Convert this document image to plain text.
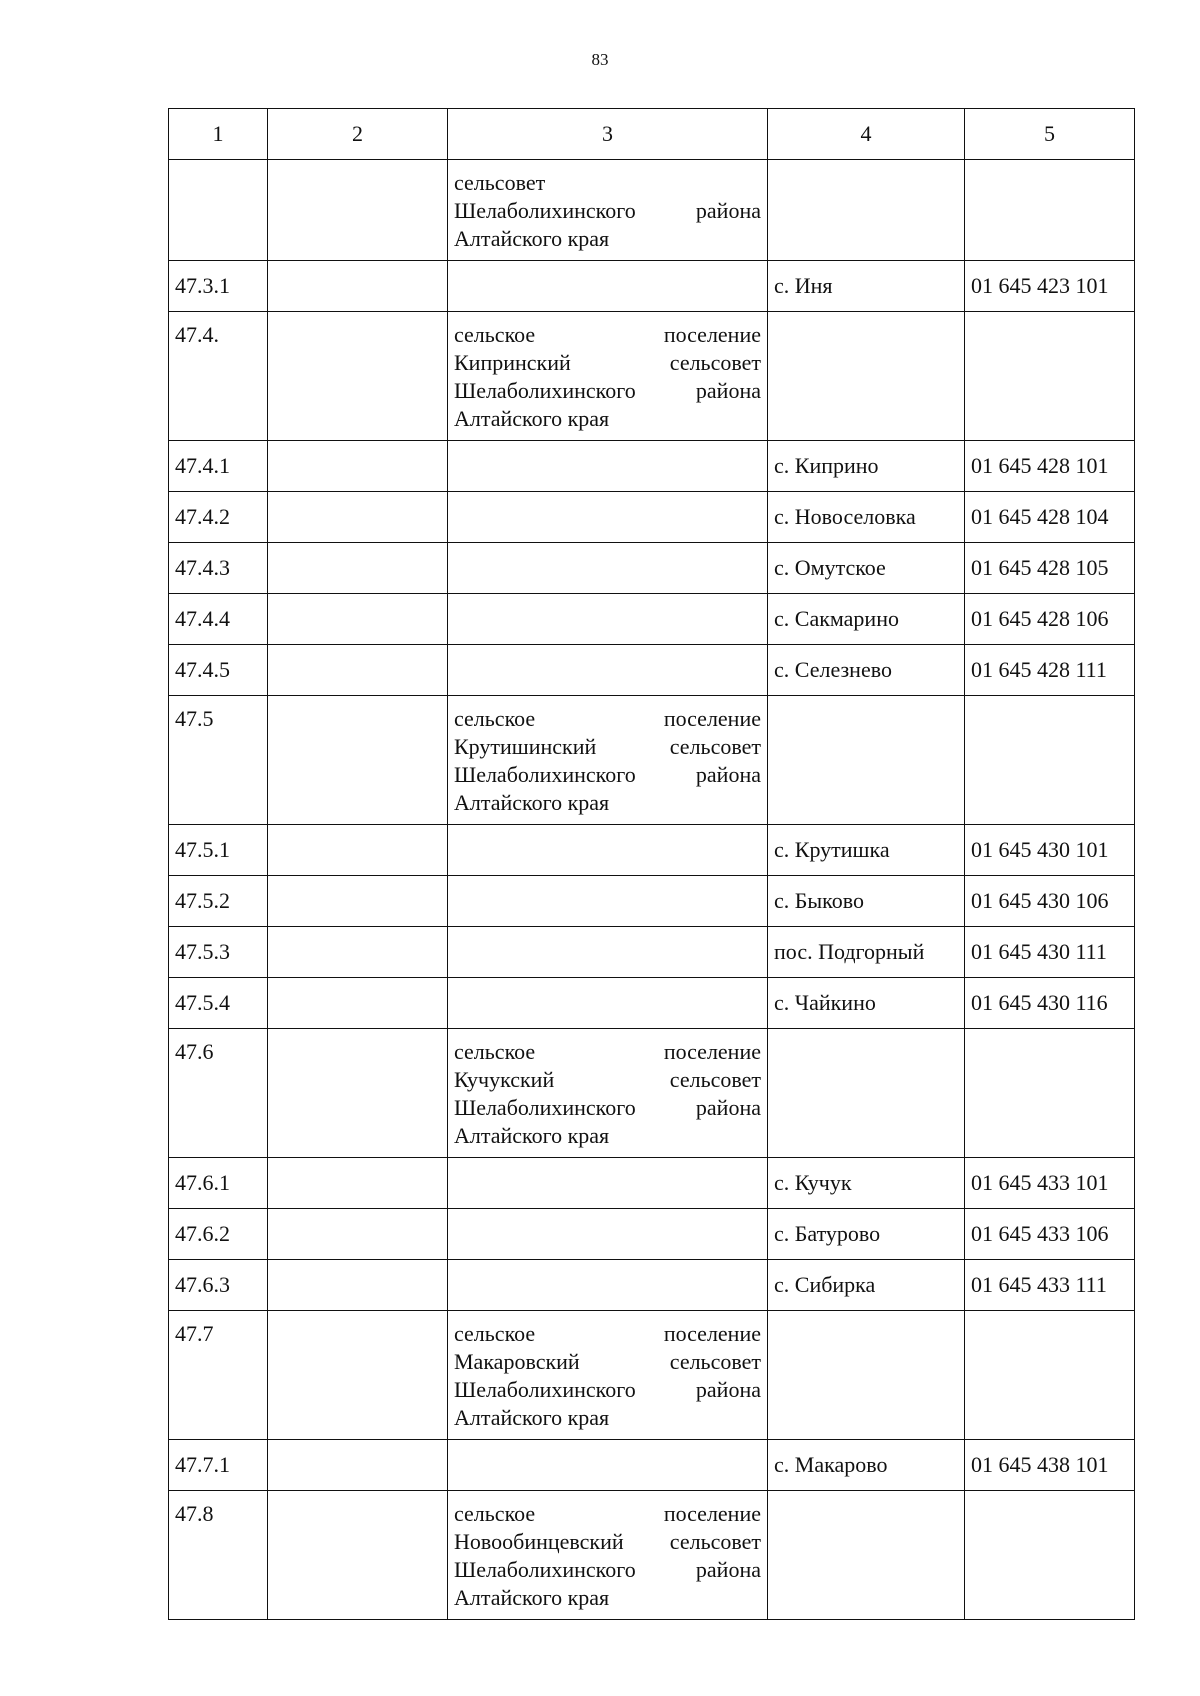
83
1	2	3	4	5

		сельсовет
Шелаболихинского района
Алтайского края		

47.3.1			с. Иня	01 645 423 101
47.4.		сельское поселение
Кипринский сельсовет
Шелаболихинского района
Алтайского края		

47.4.1			с. Киприно	01 645 428 101
47.4.2			с. Новоселовка	01 645 428 104
47.4.3			с. Омутское	01 645 428 105
47.4.4			с. Сакмарино	01 645 428 106
47.4.5			с. Селезнево	01 645 428 111
47.5		сельское поселение
Крутишинский сельсовет
Шелаболихинского района
Алтайского края		

47.5.1			с. Крутишка	01 645 430 101
47.5.2			с. Быково	01 645 430 106
47.5.3			пос. Подгорный	01 645 430 111
47.5.4			с. Чайкино	01 645 430 116
47.6		сельское поселение
Кучукский сельсовет
Шелаболихинского района
Алтайского края		

47.6.1			с. Кучук	01 645 433 101
47.6.2			с. Батурово	01 645 433 106
47.6.3			с. Сибирка	01 645 433 111
47.7		сельское поселение
Макаровский сельсовет
Шелаболихинского района
Алтайского края		

47.7.1			с. Макарово	01 645 438 101
47.8		сельское поселение
Новообинцевский сельсовет
Шелаболихинского района
Алтайского края		
